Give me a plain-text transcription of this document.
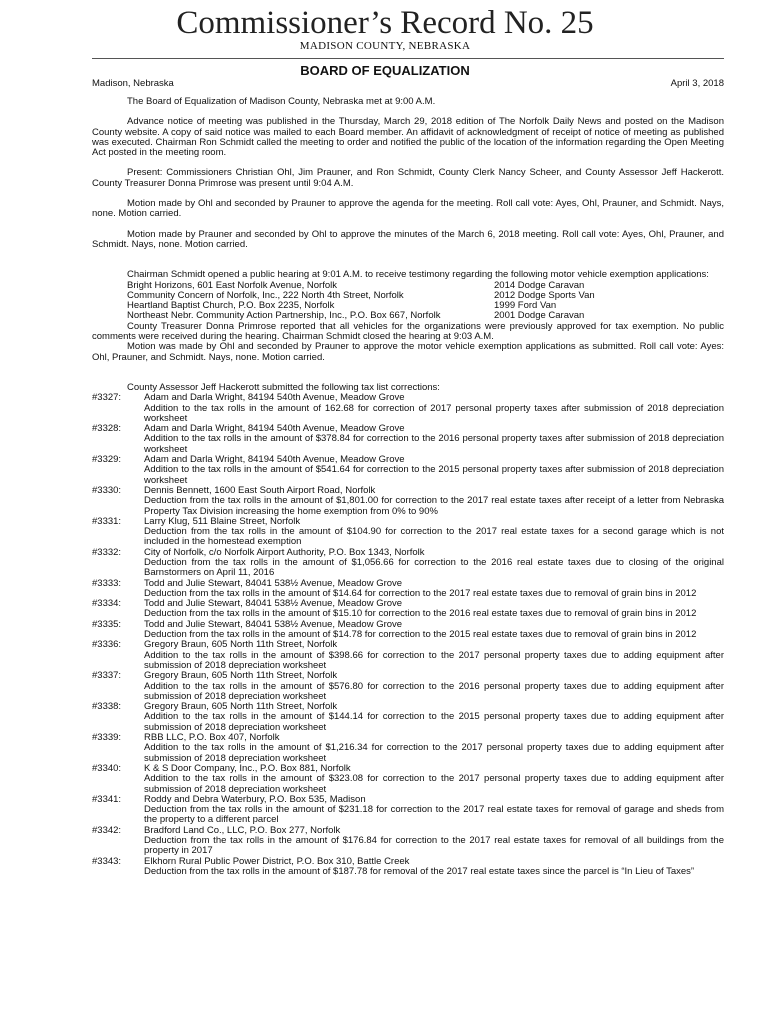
Commissioner’s Record No. 25
MADISON COUNTY, NEBRASKA
BOARD OF EQUALIZATION
Madison, Nebraska	April 3, 2018

The Board of Equalization of Madison County, Nebraska met at 9:00 A.M.

Advance notice of meeting was published in the Thursday, March 29, 2018 edition of The Norfolk Daily News and posted on the Madison County website. A copy of said notice was mailed to each Board member. An affidavit of acknowledgment of receipt of notice of meeting as published was executed. Chairman Ron Schmidt called the meeting to order and notified the public of the location of the information regarding the Open Meeting Act posted in the meeting room.

Present: Commissioners Christian Ohl, Jim Prauner, and Ron Schmidt, County Clerk Nancy Scheer, and County Assessor Jeff Hackerott. County Treasurer Donna Primrose was present until 9:04 A.M.

Motion made by Ohl and seconded by Prauner to approve the agenda for the meeting. Roll call vote: Ayes, Ohl, Prauner, and Schmidt. Nays, none. Motion carried.

Motion made by Prauner and seconded by Ohl to approve the minutes of the March 6, 2018 meeting. Roll call vote: Ayes, Ohl, Prauner, and Schmidt. Nays, none. Motion carried.

Chairman Schmidt opened a public hearing at 9:01 A.M. to receive testimony regarding the following motor vehicle exemption applications:

Bright Horizons, 601 East Norfolk Avenue, Norfolk	2014 Dodge Caravan
Community Concern of Norfolk, Inc., 222 North 4th Street, Norfolk	2012 Dodge Sports Van
Heartland Baptist Church, P.O. Box 2235, Norfolk	1999 Ford Van
Northeast Nebr. Community Action Partnership, Inc., P.O. Box 667, Norfolk	2001 Dodge Caravan

County Treasurer Donna Primrose reported that all vehicles for the organizations were previously approved for tax exemption. No public comments were received during the hearing. Chairman Schmidt closed the hearing at 9:03 A.M.

Motion was made by Ohl and seconded by Prauner to approve the motor vehicle exemption applications as submitted. Roll call vote: Ayes: Ohl, Prauner, and Schmidt. Nays, none. Motion carried.

County Assessor Jeff Hackerott submitted the following tax list corrections:

#3327:	Adam and Darla Wright, 84194 540th Avenue, Meadow Grove
Addition to the tax rolls in the amount of 162.68 for correction of 2017 personal property taxes after submission of 2018 depreciation worksheet
#3328:	Adam and Darla Wright, 84194 540th Avenue, Meadow Grove
Addition to the tax rolls in the amount of $378.84 for correction to the 2016 personal property taxes after submission of 2018 depreciation worksheet
#3329:	Adam and Darla Wright, 84194 540th Avenue, Meadow Grove
Addition to the tax rolls in the amount of $541.64 for correction to the 2015 personal property taxes after submission of 2018 depreciation worksheet
#3330:	Dennis Bennett, 1600 East South Airport Road, Norfolk
Deduction from the tax rolls in the amount of $1,801.00 for correction to the 2017 real estate taxes after receipt of a letter from Nebraska Property Tax Division increasing the home exemption from 0% to 90%
#3331:	Larry Klug, 511 Blaine Street, Norfolk
Deduction from the tax rolls in the amount of $104.90 for correction to the 2017 real estate taxes for a second garage which is not included in the homestead exemption
#3332:	City of Norfolk, c/o Norfolk Airport Authority, P.O. Box 1343, Norfolk
Deduction from the tax rolls in the amount of $1,056.66 for correction to the 2016 real estate taxes due to closing of the original Barnstormers on April 11, 2016
#3333:	Todd and Julie Stewart, 84041 538½ Avenue, Meadow Grove
Deduction from the tax rolls in the amount of $14.64 for correction to the 2017 real estate taxes due to removal of grain bins in 2012
#3334:	Todd and Julie Stewart, 84041 538½ Avenue, Meadow Grove
Deduction from the tax rolls in the amount of $15.10 for correction to the 2016 real estate taxes due to removal of grain bins in 2012
#3335:	Todd and Julie Stewart, 84041 538½ Avenue, Meadow Grove
Deduction from the tax rolls in the amount of $14.78 for correction to the 2015 real estate taxes due to removal of grain bins in 2012
#3336:	Gregory Braun, 605 North 11th Street, Norfolk
Addition to the tax rolls in the amount of $398.66 for correction to the 2017 personal property taxes due to adding equipment after submission of 2018 depreciation worksheet
#3337:	Gregory Braun, 605 North 11th Street, Norfolk
Addition to the tax rolls in the amount of $576.80 for correction to the 2016 personal property taxes due to adding equipment after submission of 2018 depreciation worksheet
#3338:	Gregory Braun, 605 North 11th Street, Norfolk
Addition to the tax rolls in the amount of $144.14 for correction to the 2015 personal property taxes due to adding equipment after submission of 2018 depreciation worksheet
#3339:	RBB LLC, P.O. Box 407, Norfolk
Addition to the tax rolls in the amount of $1,216.34 for correction to the 2017 personal property taxes due to adding equipment after submission of 2018 depreciation worksheet
#3340:	K & S Door Company, Inc., P.O. Box 881, Norfolk
Addition to the tax rolls in the amount of $323.08 for correction to the 2017 personal property taxes due to adding equipment after submission of 2018 depreciation worksheet
#3341:	Roddy and Debra Waterbury, P.O. Box 535, Madison
Deduction from the tax rolls in the amount of $231.18 for correction to the 2017 real estate taxes for removal of garage and sheds from the property to a different parcel
#3342:	Bradford Land Co., LLC, P.O. Box 277, Norfolk
Deduction from the tax rolls in the amount of $176.84 for correction to the 2017 real estate taxes for removal of all buildings from the property in 2017
#3343:	Elkhorn Rural Public Power District, P.O. Box 310, Battle Creek
Deduction from the tax rolls in the amount of $187.78 for removal of the 2017 real estate taxes since the parcel is “In Lieu of Taxes”
